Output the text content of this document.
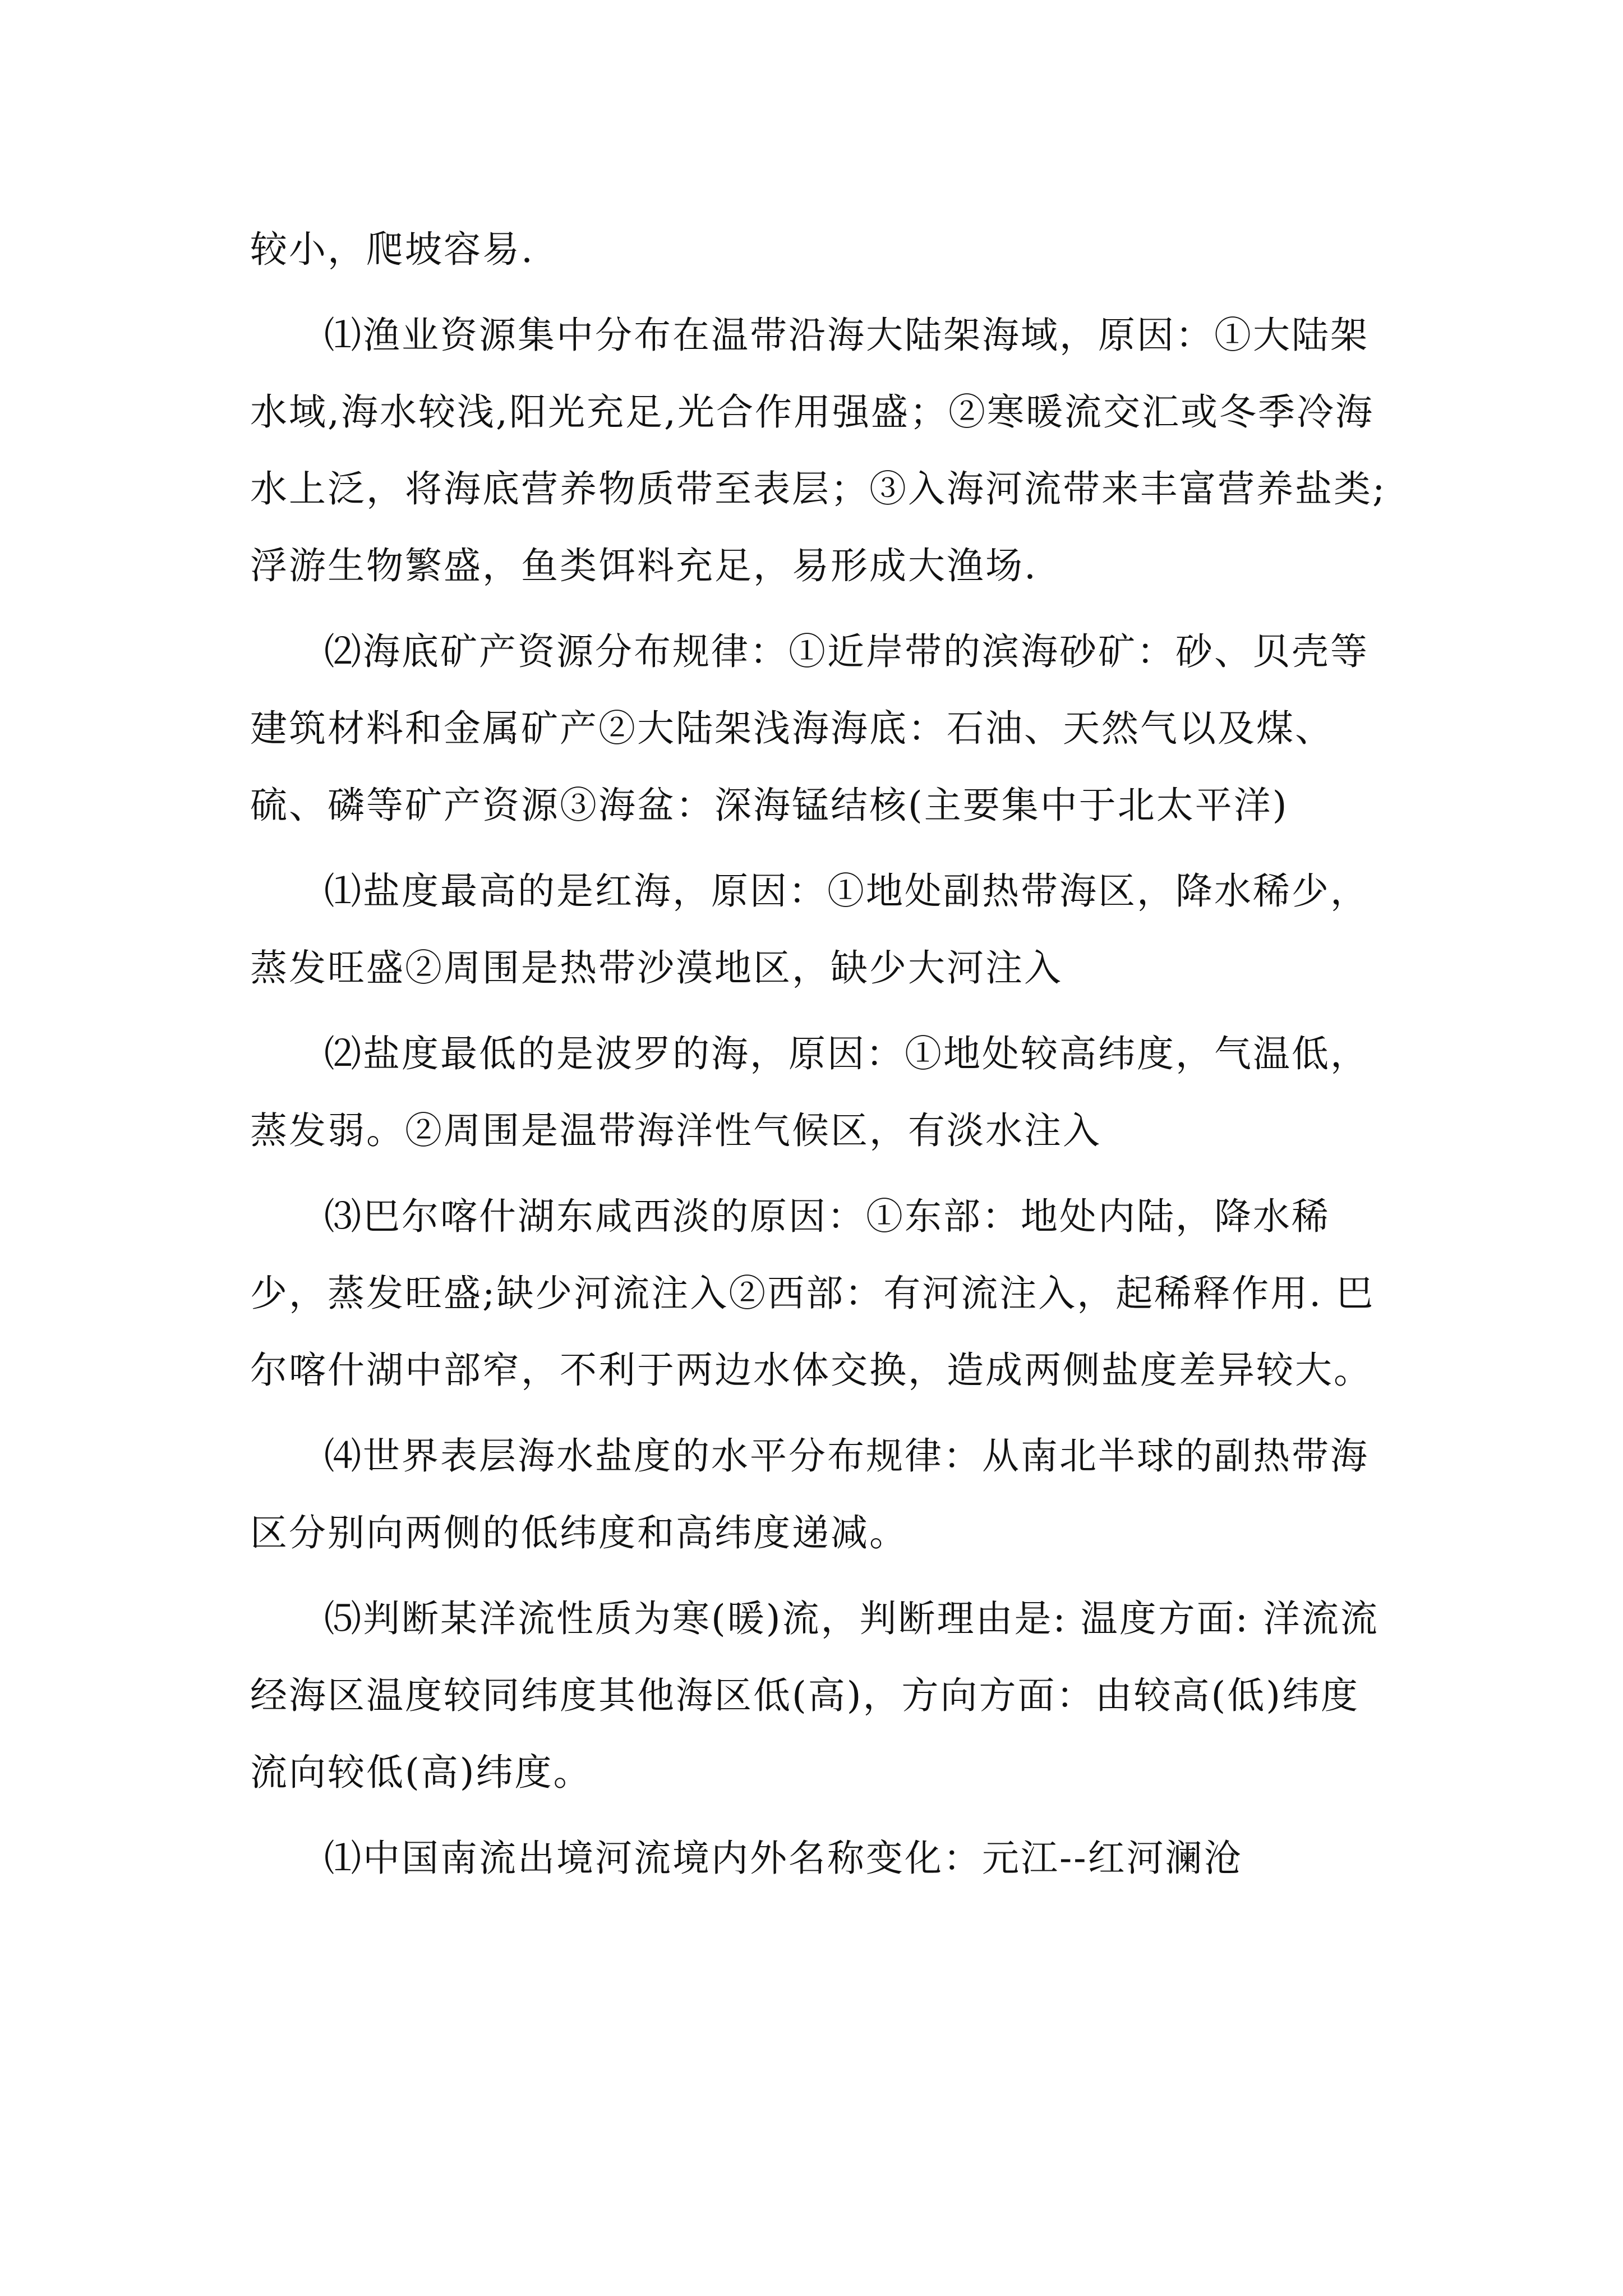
较小，爬坡容易.

⑴渔业资源集中分布在温带沿海大陆架海域，原因：①大陆架水域,海水较浅,阳光充足,光合作用强盛；②寒暖流交汇或冬季冷海水上泛，将海底营养物质带至表层；③入海河流带来丰富营养盐类;浮游生物繁盛，鱼类饵料充足，易形成大渔场.

⑵海底矿产资源分布规律：①近岸带的滨海砂矿：砂、贝壳等建筑材料和金属矿产②大陆架浅海海底：石油、天然气以及煤、硫、磷等矿产资源③海盆：深海锰结核(主要集中于北太平洋)

⑴盐度最高的是红海，原因：①地处副热带海区，降水稀少，蒸发旺盛②周围是热带沙漠地区，缺少大河注入

⑵盐度最低的是波罗的海，原因：①地处较高纬度，气温低，蒸发弱。②周围是温带海洋性气候区，有淡水注入

⑶巴尔喀什湖东咸西淡的原因：①东部：地处内陆，降水稀少，蒸发旺盛;缺少河流注入②西部：有河流注入，起稀释作用. 巴尔喀什湖中部窄，不利于两边水体交换，造成两侧盐度差异较大。

⑷世界表层海水盐度的水平分布规律：从南北半球的副热带海区分别向两侧的低纬度和高纬度递减。

⑸判断某洋流性质为寒(暖)流，判断理由是: 温度方面: 洋流流经海区温度较同纬度其他海区低(高)，方向方面：由较高(低)纬度流向较低(高)纬度。

⑴中国南流出境河流境内外名称变化：元江--红河澜沧
